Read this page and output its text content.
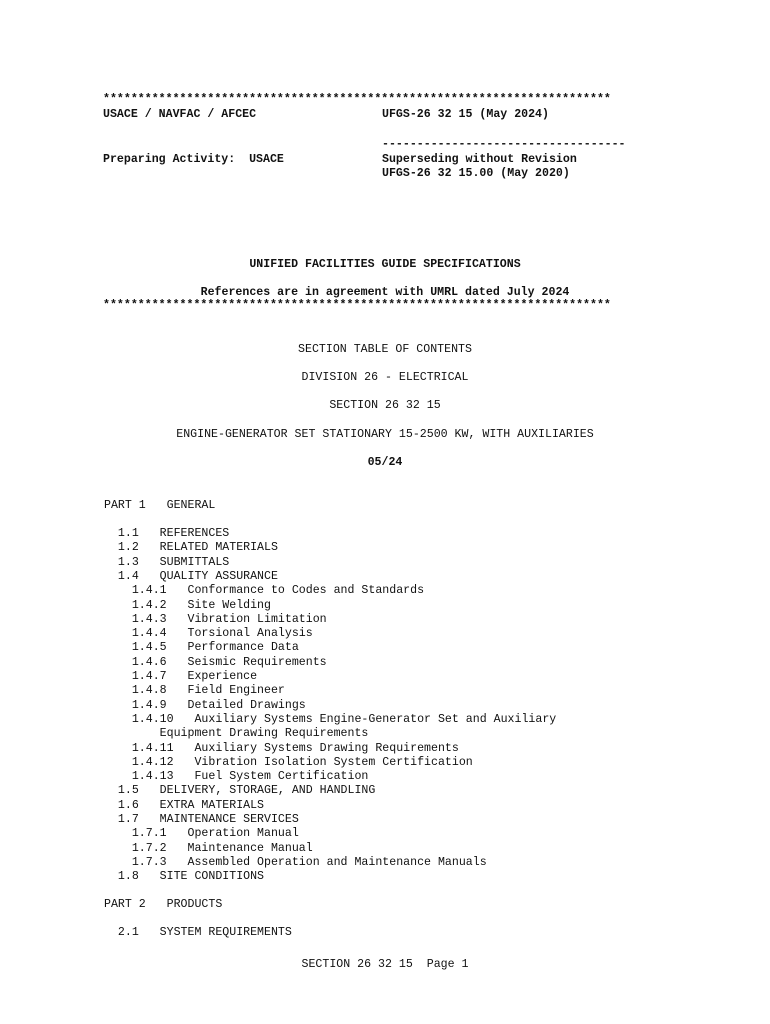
*************************************************************************
USACE / NAVFAC / AFCEC	UFGS-26 32 15 (May 2024)
-----------------------------------
Preparing Activity:  USACE	Superseding without Revision
UFGS-26 32 15.00 (May 2020)
UNIFIED FACILITIES GUIDE SPECIFICATIONS
References are in agreement with UMRL dated July 2024
*************************************************************************
SECTION TABLE OF CONTENTS
DIVISION 26 - ELECTRICAL
SECTION 26 32 15
ENGINE-GENERATOR SET STATIONARY 15-2500 KW, WITH AUXILIARIES
05/24
PART 1   GENERAL
1.1   REFERENCES
1.2   RELATED MATERIALS
1.3   SUBMITTALS
1.4   QUALITY ASSURANCE
1.4.1   Conformance to Codes and Standards
1.4.2   Site Welding
1.4.3   Vibration Limitation
1.4.4   Torsional Analysis
1.4.5   Performance Data
1.4.6   Seismic Requirements
1.4.7   Experience
1.4.8   Field Engineer
1.4.9   Detailed Drawings
1.4.10   Auxiliary Systems Engine-Generator Set and Auxiliary
Equipment Drawing Requirements
1.4.11   Auxiliary Systems Drawing Requirements
1.4.12   Vibration Isolation System Certification
1.4.13   Fuel System Certification
1.5   DELIVERY, STORAGE, AND HANDLING
1.6   EXTRA MATERIALS
1.7   MAINTENANCE SERVICES
1.7.1   Operation Manual
1.7.2   Maintenance Manual
1.7.3   Assembled Operation and Maintenance Manuals
1.8   SITE CONDITIONS
PART 2   PRODUCTS
2.1   SYSTEM REQUIREMENTS
SECTION 26 32 15  Page 1
